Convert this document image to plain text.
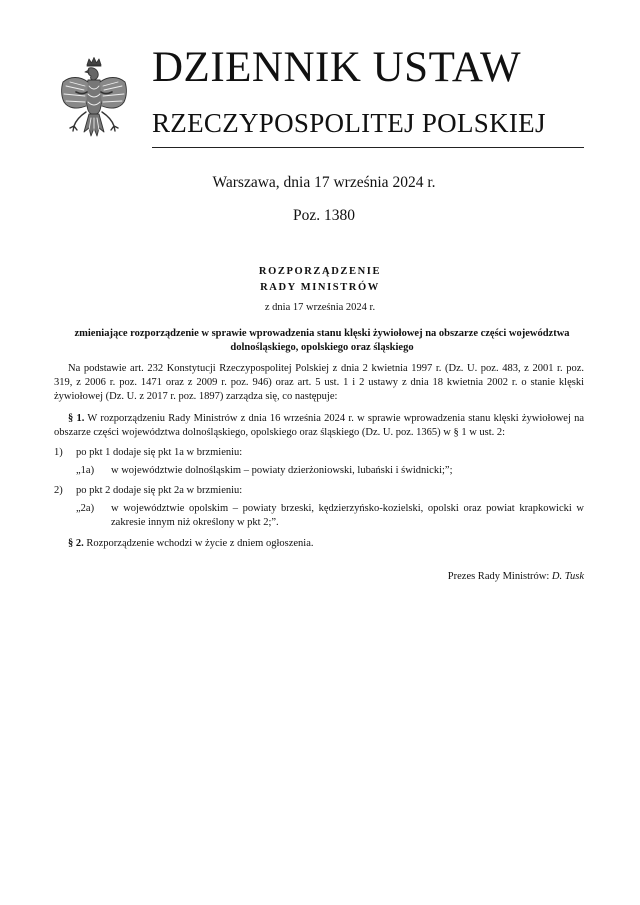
DZIENNIK USTAW
RZECZYPOSPOLITEJ POLSKIEJ
Warszawa, dnia 17 września 2024 r.
Poz. 1380
ROZPORZĄDZENIE
RADY MINISTRÓW
z dnia 17 września 2024 r.
zmieniające rozporządzenie w sprawie wprowadzenia stanu klęski żywiołowej na obszarze części województwa dolnośląskiego, opolskiego oraz śląskiego
Na podstawie art. 232 Konstytucji Rzeczypospolitej Polskiej z dnia 2 kwietnia 1997 r. (Dz. U. poz. 483, z 2001 r. poz. 319, z 2006 r. poz. 1471 oraz z 2009 r. poz. 946) oraz art. 5 ust. 1 i 2 ustawy z dnia 18 kwietnia 2002 r. o stanie klęski żywiołowej (Dz. U. z 2017 r. poz. 1897) zarządza się, co następuje:
§ 1. W rozporządzeniu Rady Ministrów z dnia 16 września 2024 r. w sprawie wprowadzenia stanu klęski żywiołowej na obszarze części województwa dolnośląskiego, opolskiego oraz śląskiego (Dz. U. poz. 1365) w § 1 w ust. 2:
1) po pkt 1 dodaje się pkt 1a w brzmieniu:
„1a) w województwie dolnośląskim – powiaty dzierżoniowski, lubański i świdnicki;”;
2) po pkt 2 dodaje się pkt 2a w brzmieniu:
„2a) w województwie opolskim – powiaty brzeski, kędzierzyńsko-kozielski, opolski oraz powiat krapkowicki w zakresie innym niż określony w pkt 2;”.
§ 2. Rozporządzenie wchodzi w życie z dniem ogłoszenia.
Prezes Rady Ministrów: D. Tusk
